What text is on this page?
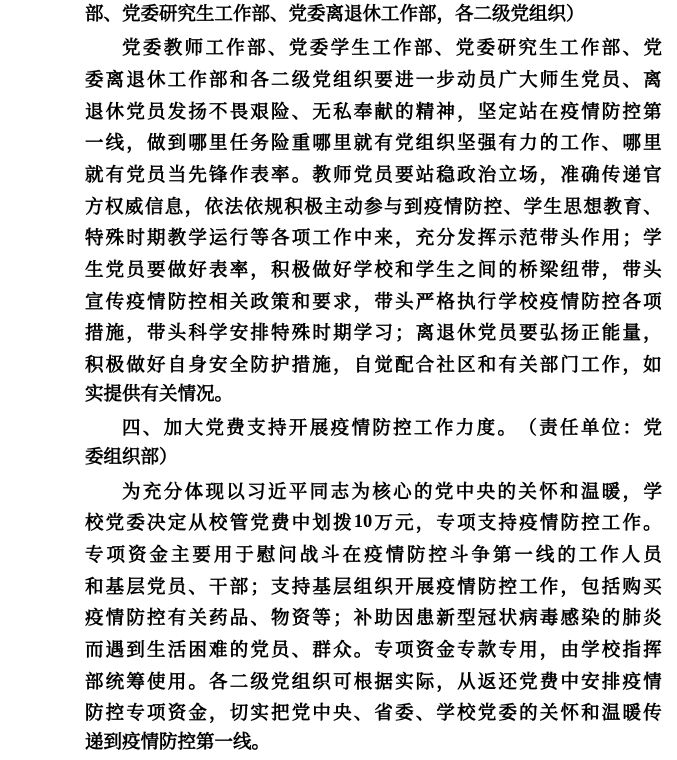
部、党委研究生工作部、党委离退休工作部，各二级党组织）
党 委 教 师 工 作 部 、 党 委 学 生 工 作 部 、 党 委 研 究 生 工 作 部 、 党
委 离 退 休 工 作 部 和 各 二 级 党 组 织 要 进 一 步 动 员 广 大 师 生 党 员 、 离
退 休 党 员 发 扬 不 畏 艰 险 、 无 私 奉 献 的 精 神 ， 坚 定 站 在 疫 情 防 控 第
一 线 ， 做 到 哪 里 任 务 险 重 哪 里 就 有 党 组 织 坚 强 有 力 的 工 作 、 哪 里
就 有 党 员 当 先 锋 作 表 率 。 教 师 党 员 要 站 稳 政 治 立 场 ， 准 确 传 递 官
方 权 威 信 息 ， 依 法 依 规 积 极 主 动 参 与 到 疫 情 防 控 、 学 生 思 想 教 育 、
特 殊 时 期 教 学 运 行 等 各 项 工 作 中 来 ， 充 分 发 挥 示 范 带 头 作 用 ； 学
生 党 员 要 做 好 表 率 ， 积 极 做 好 学 校 和 学 生 之 间 的 桥 梁 纽 带 ， 带 头
宣 传 疫 情 防 控 相 关 政 策 和 要 求 ， 带 头 严 格 执 行 学 校 疫 情 防 控 各 项
措 施 ， 带 头 科 学 安 排 特 殊 时 期 学 习 ； 离 退 休 党 员 要 弘 扬 正 能 量 ，
积 极 做 好 自 身 安 全 防 护 措 施 ， 自 觉 配 合 社 区 和 有 关 部 门 工 作 ， 如
实提供有关情况。
四 、 加 大 党 费 支 持 开 展 疫 情 防 控 工 作 力 度 。 （ 责 任 单 位 ： 党
委组织部）
为 充 分 体 现 以 习 近 平 同 志 为 核 心 的 党 中 央 的 关 怀 和 温 暖 ， 学
校 党 委 决 定 从 校 管 党 费 中 划 拨 10 万 元 ， 专 项 支 持 疫 情 防 控 工 作 。
专 项 资 金 主 要 用 于 慰 问 战 斗 在 疫 情 防 控 斗 争 第 一 线 的 工 作 人 员
和 基 层 党 员 、 干 部 ； 支 持 基 层 组 织 开 展 疫 情 防 控 工 作 ， 包 括 购 买
疫 情 防 控 有 关 药 品 、 物 资 等 ； 补 助 因 患 新 型 冠 状 病 毒 感 染 的 肺 炎
而 遇 到 生 活 困 难 的 党 员 、 群 众 。 专 项 资 金 专 款 专 用 ， 由 学 校 指 挥
部 统 筹 使 用 。 各 二 级 党 组 织 可 根 据 实 际 ， 从 返 还 党 费 中 安 排 疫 情
防 控 专 项 资 金 ， 切 实 把 党 中 央 、 省 委 、 学 校 党 委 的 关 怀 和 温 暖 传
递到疫情防控第一线。
